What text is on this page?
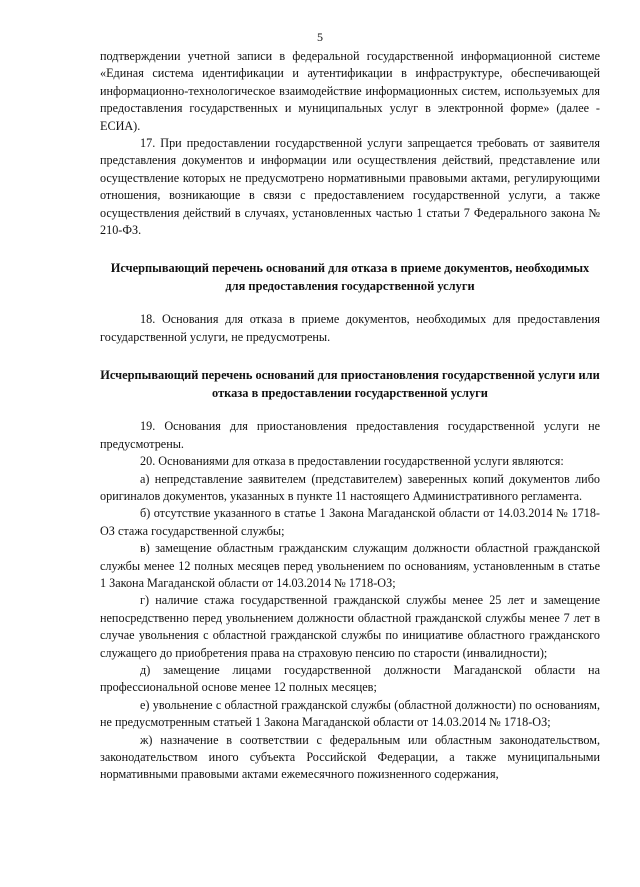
5

подтверждении учетной записи в федеральной государственной информационной системе «Единая система идентификации и аутентификации в инфраструктуре, обеспечивающей информационно-технологическое взаимодействие информационных систем, используемых для предоставления государственных и муниципальных услуг в электронной форме» (далее - ЕСИА).

17. При предоставлении государственной услуги запрещается требовать от заявителя представления документов и информации или осуществления действий, представление или осуществление которых не предусмотрено нормативными правовыми актами, регулирующими отношения, возникающие в связи с предоставлением государственной услуги, а также осуществления действий в случаях, установленных частью 1 статьи 7 Федерального закона № 210-ФЗ.

Исчерпывающий перечень оснований для отказа в приеме документов, необходимых для предоставления государственной услуги

18. Основания для отказа в приеме документов, необходимых для предоставления государственной услуги, не предусмотрены.

Исчерпывающий перечень оснований для приостановления государственной услуги или отказа в предоставлении государственной услуги

19. Основания для приостановления предоставления государственной услуги не предусмотрены.

20. Основаниями для отказа в предоставлении государственной услуги являются:

а) непредставление заявителем (представителем) заверенных копий документов либо оригиналов документов, указанных в пункте 11 настоящего Административного регламента.

б) отсутствие указанного в статье 1 Закона Магаданской области от 14.03.2014 № 1718-ОЗ стажа государственной службы;

в) замещение областным гражданским служащим должности областной гражданской службы менее 12 полных месяцев перед увольнением по основаниям, установленным в статье 1 Закона Магаданской области от 14.03.2014 № 1718-ОЗ;

г) наличие стажа государственной гражданской службы менее 25 лет и замещение непосредственно перед увольнением должности областной гражданской службы менее 7 лет в случае увольнения с областной гражданской службы по инициативе областного гражданского служащего до приобретения права на страховую пенсию по старости (инвалидности);

д) замещение лицами государственной должности Магаданской области на профессиональной основе менее 12 полных месяцев;

е) увольнение с областной гражданской службы (областной должности) по основаниям, не предусмотренным статьей 1 Закона Магаданской области от 14.03.2014 № 1718-ОЗ;

ж) назначение в соответствии с федеральным или областным законодательством, законодательством иного субъекта Российской Федерации, а также муниципальными нормативными правовыми актами ежемесячного пожизненного содержания,
